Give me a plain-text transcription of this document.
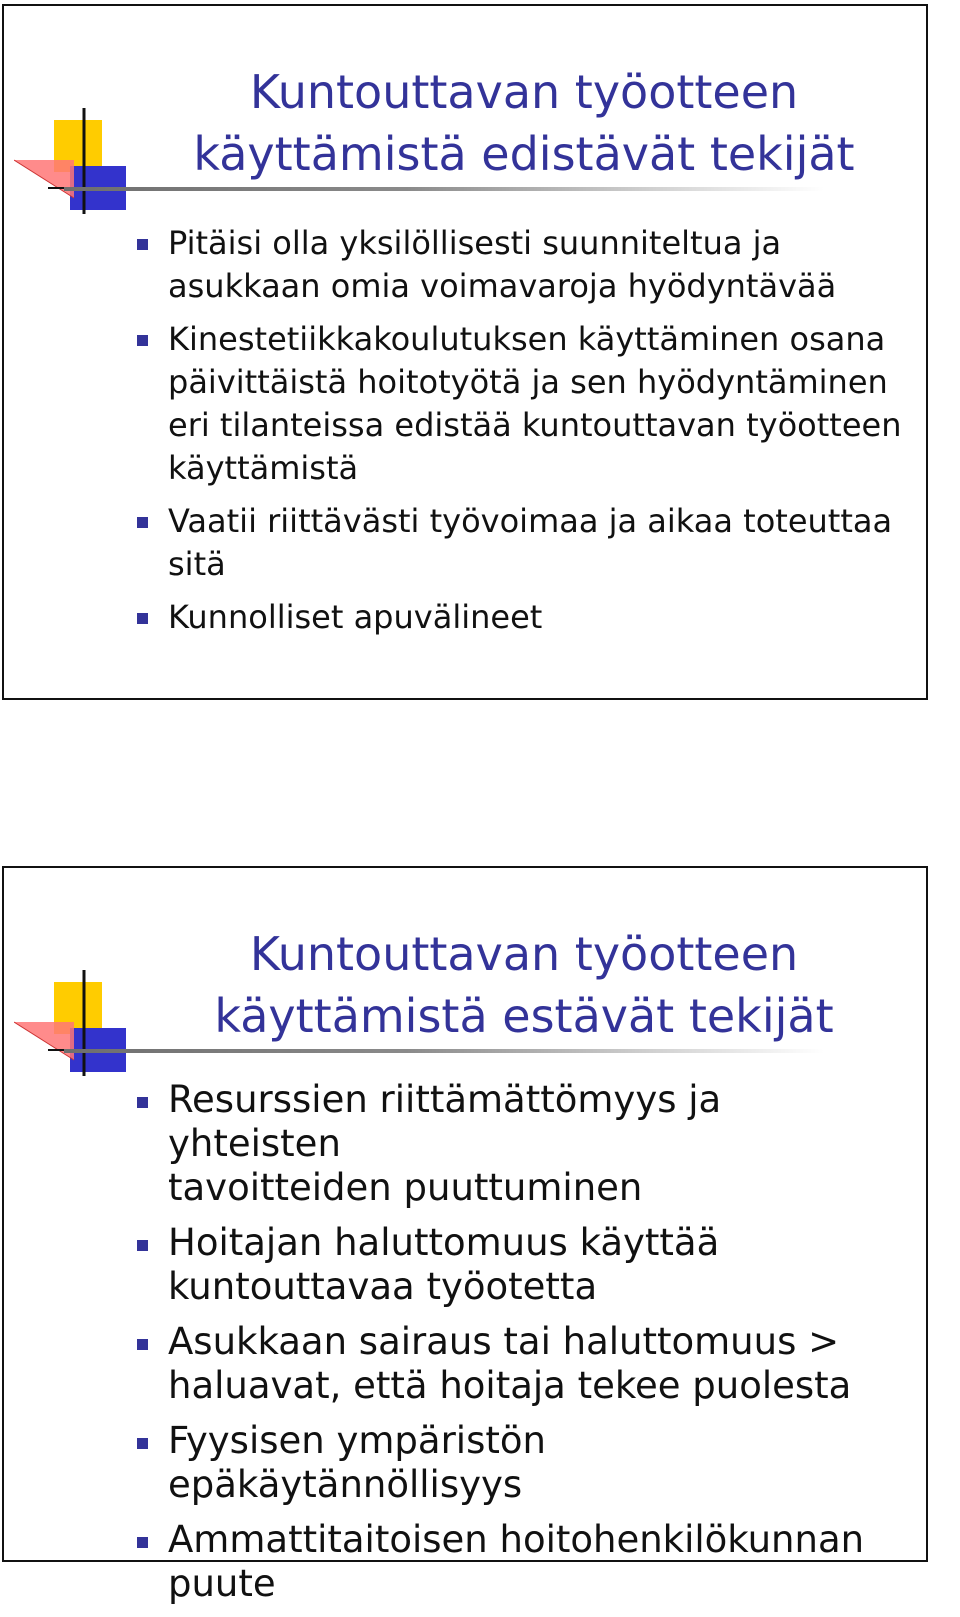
Kuntouttavan työotteen
käyttämistä edistävät tekijät
Pitäisi olla yksilöllisesti suunniteltua ja
asukkaan omia voimavaroja hyödyntävää
Kinestetiikkakoulutuksen käyttäminen osana
päivittäistä hoitotyötä ja sen hyödyntäminen
eri tilanteissa edistää kuntouttavan työotteen
käyttämistä
Vaatii riittävästi työvoimaa ja aikaa toteuttaa
sitä
Kunnolliset apuvälineet
Kuntouttavan työotteen
käyttämistä estävät tekijät
Resurssien riittämättömyys ja yhteisten
tavoitteiden puuttuminen
Hoitajan haluttomuus käyttää
kuntouttavaa työotetta
Asukkaan sairaus tai haluttomuus >
haluavat, että hoitaja tekee puolesta
Fyysisen ympäristön epäkäytännöllisyys
Ammattitaitoisen hoitohenkilökunnan
puute
